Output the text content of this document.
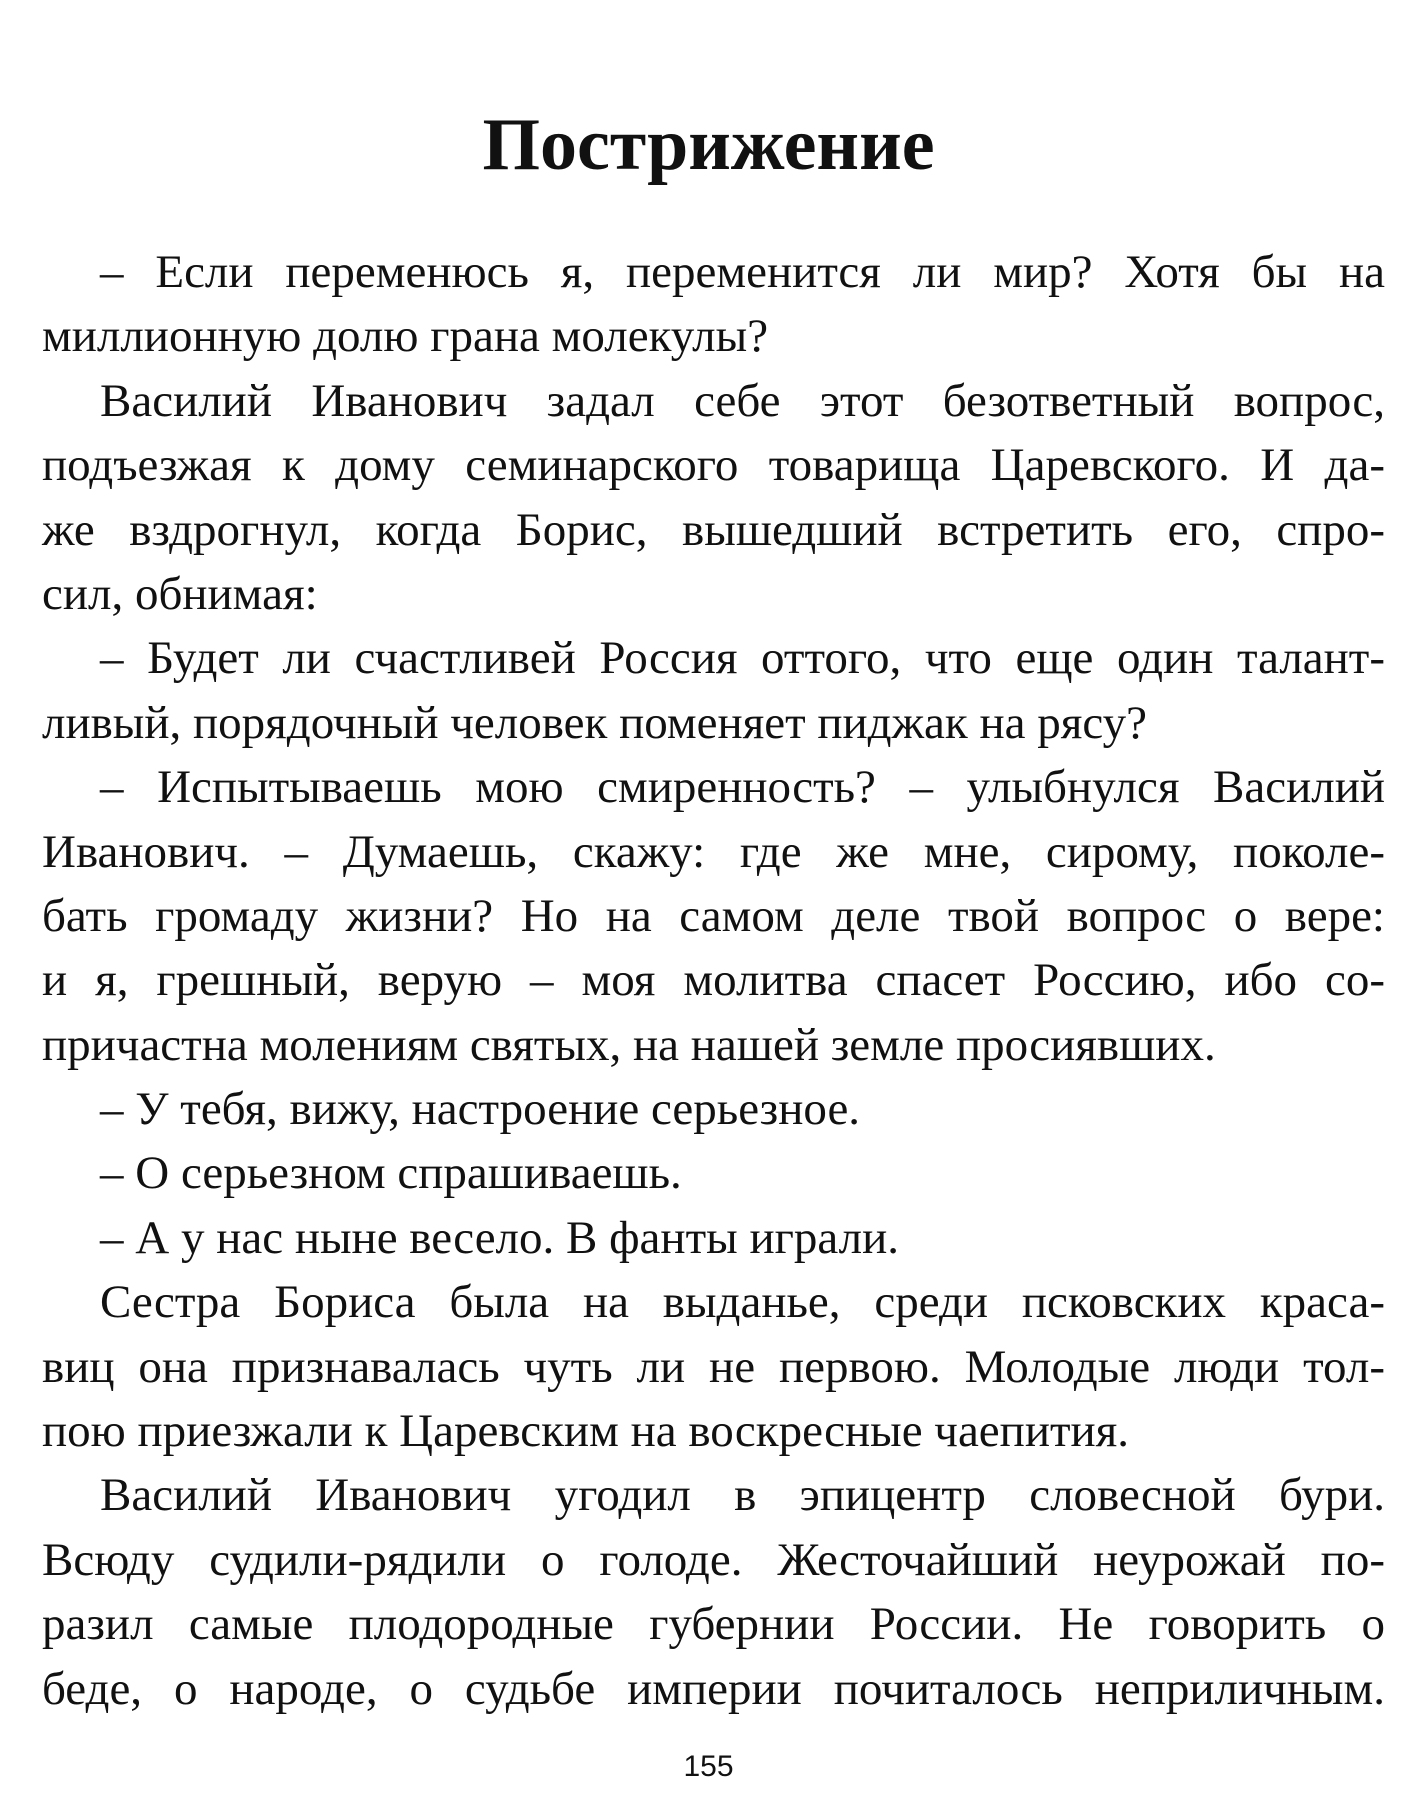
Пострижение
– Если переменюсь я, переменится ли мир? Хотя бы на
миллионную долю грана молекулы?
Василий Иванович задал себе этот безответный вопрос,
подъезжая к дому семинарского товарища Царевского. И да-
же вздрогнул, когда Борис, вышедший встретить его, спро-
сил, обнимая:
– Будет ли счастливей Россия оттого, что еще один талант-
ливый, порядочный человек поменяет пиджак на рясу?
– Испытываешь мою смиренность? – улыбнулся Василий
Иванович. – Думаешь, скажу: где же мне, сирому, поколе-
бать громаду жизни? Но на самом деле твой вопрос о вере:
и я, грешный, верую – моя молитва спасет Россию, ибо со-
причастна молениям святых, на нашей земле просиявших.
– У тебя, вижу, настроение серьезное.
– О серьезном спрашиваешь.
– А у нас ныне весело. В фанты играли.
Сестра Бориса была на выданье, среди псковских краса-
виц она признавалась чуть ли не первою. Молодые люди тол-
пою приезжали к Царевским на воскресные чаепития.
Василий Иванович угодил в эпицентр словесной бури.
Всюду судили-рядили о голоде. Жесточайший неурожай по-
разил самые плодородные губернии России. Не говорить о
беде, о народе, о судьбе империи почиталось неприличным.
155
